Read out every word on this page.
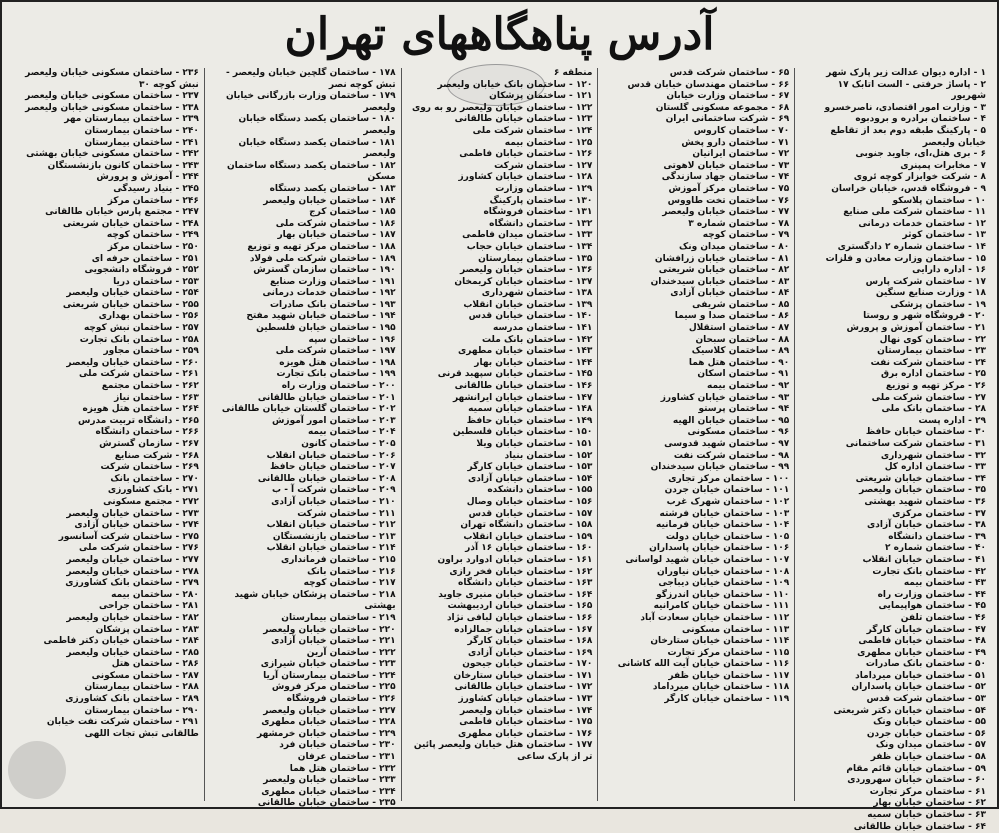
آدرس پناهگاههای تهران

۱ - اداره دیوان عدالت زیر پارک شهر

۲ - پاساژ حرفتی - الست اتابک ۱۷ شهریور

۳ - وزارت امور اقتصادی، ناصرخسرو

۴ - ساختمان برادره و برودبوه

۵ - پارکینگ طبقه دوم بعد از تقاطع خیابان ولیعصر

۶ - بری هتل،ای، جاوید جنوبی

۷ - مخابرات پمپنری

۸ - شرکت خوابزار کوچه ئروی

۹ - فروشگاه قدس، خیابان خراسان

۱۰ - ساختمان پلاسکو

۱۱ - ساختمان شرکت ملی صنایع

۱۲ - ساختمان خدمات درمانی

۱۳ - ساختمان کوثر

۱۴ - ساختمان شماره ۲ دادگستری

۱۵ - ساختمان وزارت معادن و فلزات

۱۶ - اداره دارایی

۱۷ - ساختمان شرکت پارس

۱۸ - وزارت صنایع سنگین

۱۹ - ساختمان پزشکی

۲۰ - فروشگاه شهر و روستا

۲۱ - ساختمان آموزش و پرورش

۲۲ - ساختمان کوی نهال

۲۳ - ساختمان بیمارستان

۲۴ - ساختمان شرکت نفت

۲۵ - ساختمان اداره برق

۲۶ - مرکز تهیه و توزیع

۲۷ - ساختمان شرکت ملی

۲۸ - ساختمان بانک ملی

۲۹ - اداره پست

۳۰ - ساختمان خیابان حافظ

۳۱ - ساختمان شرکت ساختمانی

۳۲ - ساختمان شهرداری

۳۳ - ساختمان اداره کل

۳۴ - ساختمان خیابان شریعتی

۳۵ - ساختمان خیابان ولیعصر

۳۶ - ساختمان شهید بهشتی

۳۷ - ساختمان مرکزی

۳۸ - ساختمان خیابان آزادی

۳۹ - ساختمان دانشگاه

۴۰ - ساختمان شماره ۲

۴۱ - ساختمان خیابان انقلاب

۴۲ - ساختمان بانک تجارت

۴۳ - ساختمان بیمه

۴۴ - ساختمان وزارت راه

۴۵ - ساختمان هواپیمایی

۴۶ - ساختمان تلفن

۴۷ - ساختمان خیابان کارگر

۴۸ - ساختمان خیابان فاطمی

۴۹ - ساختمان خیابان مطهری

۵۰ - ساختمان بانک صادرات

۵۱ - ساختمان خیابان میرداماد

۵۲ - ساختمان خیابان پاسداران

۵۳ - ساختمان شرکت قدس

۵۴ - ساختمان خیابان دکتر شریعتی

۵۵ - ساختمان خیابان ونک

۵۶ - ساختمان خیابان جردن

۵۷ - ساختمان میدان ونک

۵۸ - ساختمان خیابان ظفر

۵۹ - ساختمان خیابان قائم مقام

۶۰ - ساختمان خیابان سهروردی

۶۱ - ساختمان مرکز تجارت

۶۲ - ساختمان خیابان بهار

۶۳ - ساختمان خیابان سمیه

۶۴ - ساختمان خیابان طالقانی

۶۵ - ساختمان شرکت قدس

۶۶ - ساختمان مهندسان خیابان قدس

۶۷ - ساختمان وزارت خیابان

۶۸ - مجموعه مسکونی گلستان

۶۹ - شرکت ساختمانی ایران

۷۰ - ساختمان کاروس

۷۱ - ساختمان دارو پخش

۷۲ - ساختمان ایرانیان

۷۳ - ساختمان خیابان لاهوتی

۷۴ - ساختمان جهاد سازندگی

۷۵ - ساختمان مرکز آموزش

۷۶ - ساختمان تخت طاووس

۷۷ - ساختمان خیابان ولیعصر

۷۸ - ساختمان شماره ۳

۷۹ - ساختمان کوچه

۸۰ - ساختمان میدان ونک

۸۱ - ساختمان خیابان زرافشان

۸۲ - ساختمان خیابان شریعتی

۸۳ - ساختمان خیابان سیدخندان

۸۴ - ساختمان خیابان آزادی

۸۵ - ساختمان شریفی

۸۶ - ساختمان صدا و سیما

۸۷ - ساختمان استقلال

۸۸ - ساختمان سبحان

۸۹ - ساختمان کلاسیک

۹۰ - ساختمان هتل هما

۹۱ - ساختمان اسکان

۹۲ - ساختمان بیمه

۹۳ - ساختمان خیابان کشاورز

۹۴ - ساختمان پرستو

۹۵ - ساختمان خیابان الهیه

۹۶ - ساختمان مسکونی

۹۷ - ساختمان شهید قدوسی

۹۸ - ساختمان شرکت نفت

۹۹ - ساختمان خیابان سیدخندان

۱۰۰ - ساختمان مرکز تجاری

۱۰۱ - ساختمان خیابان جردن

۱۰۲ - ساختمان شهرک غرب

۱۰۳ - ساختمان خیابان فرشته

۱۰۴ - ساختمان خیابان فرمانیه

۱۰۵ - ساختمان خیابان دولت

۱۰۶ - ساختمان خیابان پاسداران

۱۰۷ - ساختمان خیابان شهید لواسانی

۱۰۸ - ساختمان خیابان نیاوران

۱۰۹ - ساختمان خیابان دیباجی

۱۱۰ - ساختمان خیابان اندرزگو

۱۱۱ - ساختمان خیابان کامرانیه

۱۱۲ - ساختمان خیابان سعادت آباد

۱۱۳ - ساختمان مسکونی

۱۱۴ - ساختمان خیابان ستارخان

۱۱۵ - ساختمان مرکز تجارت

۱۱۶ - ساختمان خیابان آیت الله کاشانی

۱۱۷ - ساختمان خیابان ظفر

۱۱۸ - ساختمان خیابان میرداماد

۱۱۹ - ساختمان خیابان کارگر

منطقه ۶

۱۲۰ - ساختمان بانک خیابان ولیعصر

۱۲۱ - ساختمان پزشکان

۱۲۲ - ساختمان خیابان ولیعصر رو به روی

۱۲۳ - ساختمان خیابان طالقانی

۱۲۴ - ساختمان شرکت ملی

۱۲۵ - ساختمان بیمه

۱۲۶ - ساختمان خیابان فاطمی

۱۲۷ - ساختمان شرکت

۱۲۸ - ساختمان خیابان کشاورز

۱۲۹ - ساختمان وزارت

۱۳۰ - ساختمان پارکینگ

۱۳۱ - ساختمان فروشگاه

۱۳۲ - ساختمان دانشگاه

۱۳۳ - ساختمان میدان فاطمی

۱۳۴ - ساختمان خیابان حجاب

۱۳۵ - ساختمان بیمارستان

۱۳۶ - ساختمان خیابان ولیعصر

۱۳۷ - ساختمان خیابان کریمخان

۱۳۸ - ساختمان شهرداری

۱۳۹ - ساختمان خیابان انقلاب

۱۴۰ - ساختمان خیابان قدس

۱۴۱ - ساختمان مدرسه

۱۴۲ - ساختمان بانک ملت

۱۴۳ - ساختمان خیابان مطهری

۱۴۴ - ساختمان خیابان بهار

۱۴۵ - ساختمان خیابان سپهبد قرنی

۱۴۶ - ساختمان خیابان طالقانی

۱۴۷ - ساختمان خیابان ایرانشهر

۱۴۸ - ساختمان خیابان سمیه

۱۴۹ - ساختمان خیابان حافظ

۱۵۰ - ساختمان خیابان فلسطین

۱۵۱ - ساختمان خیابان ویلا

۱۵۲ - ساختمان بنیاد

۱۵۳ - ساختمان خیابان کارگر

۱۵۴ - ساختمان خیابان آزادی

۱۵۵ - ساختمان دانشکده

۱۵۶ - ساختمان خیابان وصال

۱۵۷ - ساختمان خیابان قدس

۱۵۸ - ساختمان دانشگاه تهران

۱۵۹ - ساختمان خیابان انقلاب

۱۶۰ - ساختمان خیابان ۱۶ آذر

۱۶۱ - ساختمان خیابان ادوارد براون

۱۶۲ - ساختمان خیابان فخر رازی

۱۶۳ - ساختمان خیابان دانشگاه

۱۶۴ - ساختمان خیابان منیری جاوید

۱۶۵ - ساختمان خیابان اردیبهشت

۱۶۶ - ساختمان خیابان لبافی نژاد

۱۶۷ - ساختمان خیابان جمالزاده

۱۶۸ - ساختمان خیابان کارگر

۱۶۹ - ساختمان خیابان آزادی

۱۷۰ - ساختمان خیابان جیحون

۱۷۱ - ساختمان خیابان ستارخان

۱۷۲ - ساختمان خیابان طالقانی

۱۷۳ - ساختمان خیابان کشاورز

۱۷۴ - ساختمان خیابان ولیعصر

۱۷۵ - ساختمان خیابان فاطمی

۱۷۶ - ساختمان خیابان مطهری

۱۷۷ - ساختمان هتل خیابان ولیعصر پائین تر از پارک ساعی

۱۷۸ - ساختمان گلچین خیابان ولیعصر - تبش کوچه نصر

۱۷۹ - ساختمان وزارت بازرگانی خیابان ولیعصر

۱۸۰ - ساختمان یکصد دستگاه خیابان ولیعصر

۱۸۱ - ساختمان یکصد دستگاه خیابان ولیعصر

۱۸۲ - ساختمان یکصد دستگاه ساختمان مسکن

۱۸۳ - ساختمان یکصد دستگاه

۱۸۴ - ساختمان خیابان ولیعصر

۱۸۵ - ساختمان کرج

۱۸۶ - ساختمان شرکت ملی

۱۸۷ - ساختمان خیابان بهار

۱۸۸ - ساختمان مرکز تهیه و توزیع

۱۸۹ - ساختمان شرکت ملی فولاد

۱۹۰ - ساختمان سازمان گسترش

۱۹۱ - ساختمان وزارت صنایع

۱۹۲ - ساختمان خدمات درمانی

۱۹۳ - ساختمان بانک صادرات

۱۹۴ - ساختمان خیابان شهید مفتح

۱۹۵ - ساختمان خیابان فلسطین

۱۹۶ - ساختمان سپه

۱۹۷ - ساختمان شرکت ملی

۱۹۸ - ساختمان هتل هویزه

۱۹۹ - ساختمان بانک تجارت

۲۰۰ - ساختمان وزارت راه

۲۰۱ - ساختمان خیابان طالقانی

۲۰۲ - ساختمان گلستان خیابان طالقانی

۲۰۳ - ساختمان امور آموزش

۲۰۴ - ساختمان بیمه

۲۰۵ - ساختمان کانون

۲۰۶ - ساختمان خیابان انقلاب

۲۰۷ - ساختمان خیابان حافظ

۲۰۸ - ساختمان خیابان طالقانی

۲۰۹ - ساختمان شرکت آ - ب

۲۱۰ - ساختمان خیابان آزادی

۲۱۱ - ساختمان شرکت

۲۱۲ - ساختمان خیابان انقلاب

۲۱۳ - ساختمان بازنشستگان

۲۱۴ - ساختمان خیابان انقلاب

۲۱۵ - ساختمان فرمانداری

۲۱۶ - ساختمان بانک

۲۱۷ - ساختمان کوچه

۲۱۸ - ساختمان پزشکان خیابان شهید بهشتی

۲۱۹ - ساختمان بیمارستان

۲۲۰ - ساختمان خیابان ولیعصر

۲۲۱ - ساختمان خیابان آزادی

۲۲۲ - ساختمان آرین

۲۲۳ - ساختمان خیابان شیرازی

۲۲۴ - ساختمان بیمارستان آریا

۲۲۵ - ساختمان مرکز فروش

۲۲۶ - ساختمان فروشگاه

۲۲۷ - ساختمان خیابان ولیعصر

۲۲۸ - ساختمان خیابان مطهری

۲۲۹ - ساختمان خیابان خرمشهر

۲۳۰ - ساختمان خیابان فرد

۲۳۱ - ساختمان عرفان

۲۳۲ - ساختمان هتل هما

۲۳۳ - ساختمان خیابان ولیعصر

۲۳۴ - ساختمان خیابان مطهری

۲۳۵ - ساختمان خیابان طالقانی

۲۳۶ - ساختمان مسکونی خیابان ولیعصر نبش کوچه ۳۰

۲۳۷ - ساختمان مسکونی خیابان ولیعصر

۲۳۸ - ساختمان مسکونی خیابان ولیعصر

۲۳۹ - ساختمان بیمارستان مهر

۲۴۰ - ساختمان بیمارستان

۲۴۱ - ساختمان بیمارستان

۲۴۲ - ساختمان مسکونی خیابان بهشتی

۲۴۳ - ساختمان کانون بازنشستگان

۲۴۴ - آموزش و پرورش

۲۴۵ - بنیاد رسیدگی

۲۴۶ - ساختمان مرکز

۲۴۷ - مجتمع پارس خیابان طالقانی

۲۴۸ - ساختمان خیابان شریعتی

۲۴۹ - ساختمان کوچه

۲۵۰ - ساختمان مرکز

۲۵۱ - ساختمان حرفه ای

۲۵۲ - فروشگاه دانشجویی

۲۵۳ - ساختمان دریا

۲۵۴ - ساختمان خیابان ولیعصر

۲۵۵ - ساختمان خیابان شریعتی

۲۵۶ - ساختمان بهداری

۲۵۷ - ساختمان نبش کوچه

۲۵۸ - ساختمان بانک تجارت

۲۵۹ - ساختمان مجاور

۲۶۰ - ساختمان خیابان ولیعصر

۲۶۱ - ساختمان شرکت ملی

۲۶۲ - ساختمان مجتمع

۲۶۳ - ساختمان نیاز

۲۶۴ - ساختمان هتل هویزه

۲۶۵ - دانشگاه تربیت مدرس

۲۶۶ - ساختمان دانشگاه

۲۶۷ - سازمان گسترش

۲۶۸ - شرکت صنایع

۲۶۹ - ساختمان شرکت

۲۷۰ - ساختمان بانک

۲۷۱ - بانک کشاورزی

۲۷۲ - مجتمع مسکونی

۲۷۳ - ساختمان خیابان ولیعصر

۲۷۴ - ساختمان خیابان آزادی

۲۷۵ - ساختمان شرکت آسانسور

۲۷۶ - ساختمان شرکت ملی

۲۷۷ - ساختمان خیابان ولیعصر

۲۷۸ - ساختمان خیابان ولیعصر

۲۷۹ - ساختمان بانک کشاورزی

۲۸۰ - ساختمان بیمه

۲۸۱ - ساختمان جراحی

۲۸۲ - ساختمان خیابان ولیعصر

۲۸۳ - ساختمان پزشکان

۲۸۴ - ساختمان خیابان دکتر فاطمی

۲۸۵ - ساختمان خیابان ولیعصر

۲۸۶ - ساختمان هتل

۲۸۷ - ساختمان مسکونی

۲۸۸ - ساختمان بیمارستان

۲۸۹ - ساختمان بانک کشاورزی

۲۹۰ - ساختمان بیمارستان

۲۹۱ - ساختمان شرکت نفت خیابان طالقانی تبش تجات اللهی
